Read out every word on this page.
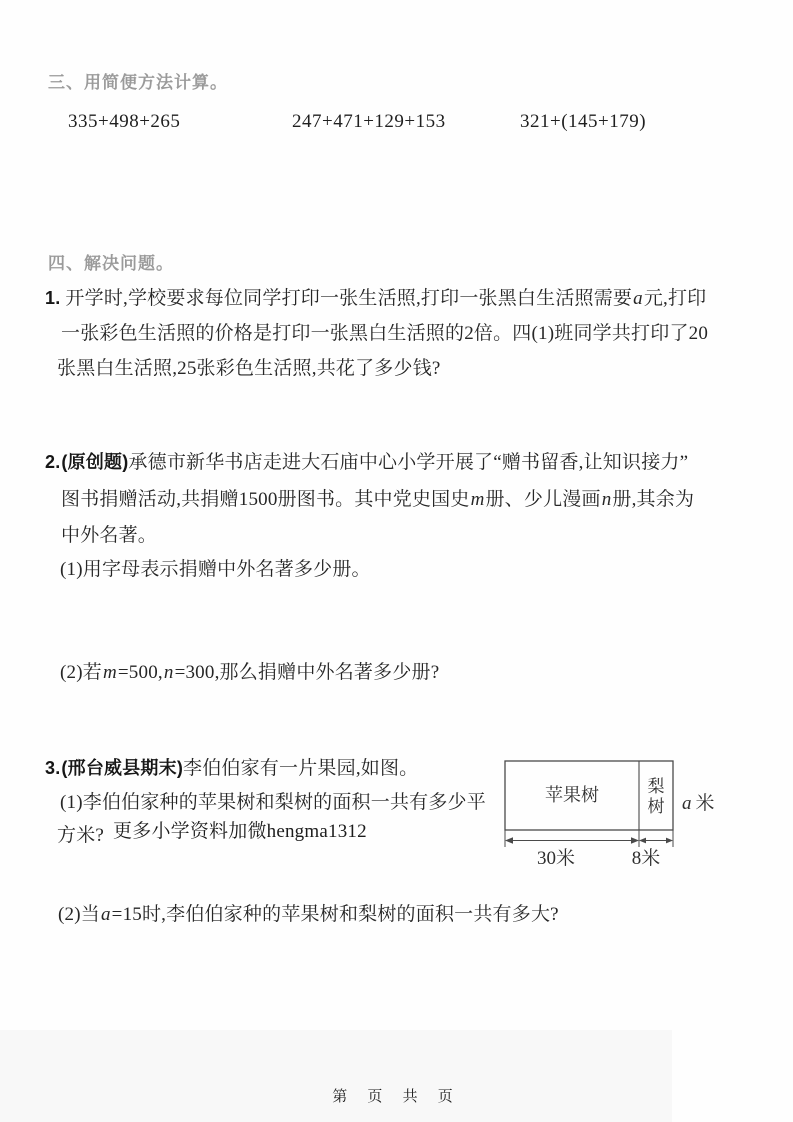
三、用简便方法计算。
335+498+265	247+471+129+153	321+(145+179)
四、解决问题。
1. 开学时,学校要求每位同学打印一张生活照,打印一张黑白生活照需要a元,打印
一张彩色生活照的价格是打印一张黑白生活照的2倍。四(1)班同学共打印了20
张黑白生活照,25张彩色生活照,共花了多少钱?
2.(原创题)承德市新华书店走进大石庙中心小学开展了“赠书留香,让知识接力”
图书捐赠活动,共捐赠1500册图书。其中党史国史m册、少儿漫画n册,其余为
中外名著。
(1)用字母表示捐赠中外名著多少册。
(2)若m=500,n=300,那么捐赠中外名著多少册?
3.(邢台威县期末)李伯伯家有一片果园,如图。
(1)李伯伯家种的苹果树和梨树的面积一共有多少平
方米? 更多小学资料加微hengma1312
(2)当a=15时,李伯伯家种的苹果树和梨树的面积一共有多大?
苹果树	梨树 a 米
30米	8米
第 页 共 页
